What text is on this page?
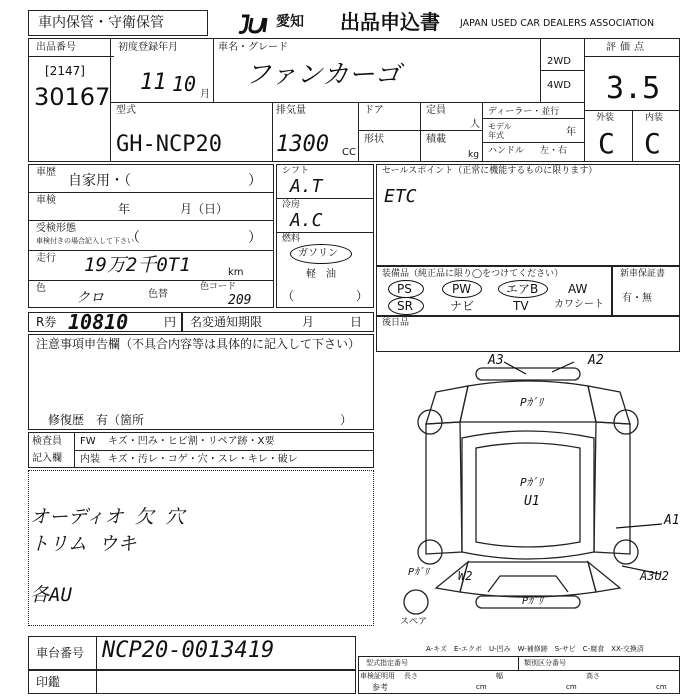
車内保管・守衛保管	愛知 出品申込書 JAPAN USED CAR DEALERS ASSOCIATION
出品番号
[2147]
30167
初度登録年月
11 10 月
車名・グレード
ファンカーゴ	2WD
4WD
評価点
3.5
外装	内装
C C
型式
GH-NCP20
排気量
1300 CC
ドア
形状
定員
人
積載
kg
ディーラー・並行
モデル
年式	年
ハンドル 左・右
車歴
自家用・（	）
車検
年	月（日）
受検形態
車検付きの場合記入して下さい
（	）
走行 19万2千0T1	km
色
クロ	色替
色コード
209
シフト
A.T
冷房
A.C
燃料
ガソリン
軽　油
（	）
セールスポイント（正常に機能するものに限ります）
ETC
装備品（純正品に限り◯をつけてください）
PS	PW	エアB AW
SR	ナビ	TV	カワシート
新車保証書
有・無
R券 10810	円 名変通知期限	月	日 後日品
注意事項申告欄（不具合内容等は具体的に記入して下さい）
修復歴　有（箇所	）
検査員
記入欄
FW キズ・凹み・ヒビ割・リペア跡・X要
内装 キズ・汚レ・コゲ・穴・スレ・キレ・破レ
オーディオ 欠 穴
トリム ウキ
各AU
A3	A2
Pｶﾞﾘ
Pｶﾞﾘ
U1
A1
A3U2
W2
Pｶﾞﾘ
Pｶﾞﾘ
スペア
車台番号 NCP20-0013419
印鑑
A-キズ　E-エクボ　U-凹み　W-補修跡　S-サビ　C-腐食　XX-交換済
型式指定番号	類別区分番号
車検証明用 長さ	幅	高さ
参考	cm	cm	cm
